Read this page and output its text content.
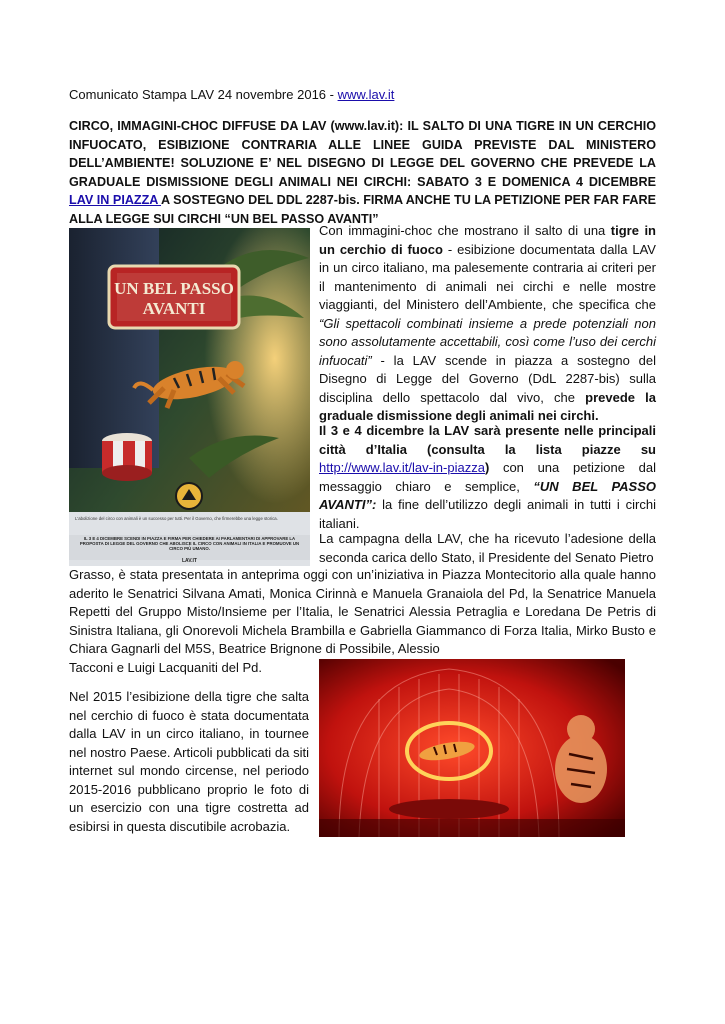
Comunicato Stampa LAV 24 novembre 2016 - www.lav.it
CIRCO, IMMAGINI-CHOC DIFFUSE DA LAV (www.lav.it): IL SALTO DI UNA TIGRE IN UN CERCHIO INFUOCATO, ESIBIZIONE CONTRARIA ALLE LINEE GUIDA PREVISTE DAL MINISTERO DELL’AMBIENTE! SOLUZIONE E’ NEL DISEGNO DI LEGGE DEL GOVERNO CHE PREVEDE LA GRADUALE DISMISSIONE DEGLI ANIMALI NEI CIRCHI: SABATO 3 E DOMENICA 4 DICEMBRE LAV IN PIAZZA A SOSTEGNO DEL DDL 2287-bis. FIRMA ANCHE TU LA PETIZIONE PER FAR FARE ALLA LEGGE SUI CIRCHI “UN BEL PASSO AVANTI”
UN BEL PASSO
AVANTI
L'abolizione del circo con animali è un successo per tutti. Per il Governo, che firmerebbe una legge storica.
IL 3 E 4 DICEMBRE SCENDI IN PIAZZA E FIRMA PER CHIEDERE AI PARLAMENTARI DI APPROVARE LA PROPOSTA DI LEGGE DEL GOVERNO CHE ABOLISCE IL CIRCO CON ANIMALI IN ITALIA E PROMUOVE UN CIRCO PIÙ UMANO.
LAV.IT
Con immagini-choc che mostrano il salto di una tigre in un cerchio di fuoco - esibizione documentata dalla LAV in un circo italiano, ma palesemente contraria ai criteri per il mantenimento di animali nei circhi e nelle mostre viaggianti, del Ministero dell’Ambiente, che specifica che “Gli spettacoli combinati insieme a prede potenziali non sono assolutamente accettabili, così come l’uso dei cerchi infuocati” - la LAV scende in piazza a sostegno del Disegno di Legge del Governo (DdL 2287-bis) sulla disciplina dello spettacolo dal vivo, che prevede la graduale dismissione degli animali nei circhi.
Il 3 e 4 dicembre la LAV sarà presente nelle principali città d’Italia (consulta la lista piazze su http://www.lav.it/lav-in-piazza) con una petizione dal messaggio chiaro e semplice, “UN BEL PASSO AVANTI”: la fine dell’utilizzo degli animali in tutti i circhi italiani.
La campagna della LAV, che ha ricevuto l’adesione della seconda carica dello Stato, il Presidente del Senato Pietro
Grasso, è stata presentata in anteprima oggi con un’iniziativa in Piazza Montecitorio alla quale hanno aderito le Senatrici Silvana Amati, Monica Cirinnà e Manuela Granaiola del Pd, la Senatrice Manuela Repetti del Gruppo Misto/Insieme per l’Italia, le Senatrici Alessia Petraglia e Loredana De Petris di Sinistra Italiana, gli Onorevoli Michela Brambilla e Gabriella Giammanco di Forza Italia, Mirko Busto e Chiara Gagnarli del M5S, Beatrice Brignone di Possibile, Alessio
Tacconi e Luigi Lacquaniti del Pd.
Nel 2015 l’esibizione della tigre che salta nel cerchio di fuoco è stata documentata dalla LAV in un circo italiano, in tournee nel nostro Paese. Articoli pubblicati da siti internet sul mondo circense, nel periodo 2015-2016 pubblicano proprio le foto di un esercizio con una tigre costretta ad esibirsi in questa discutibile acrobazia.
